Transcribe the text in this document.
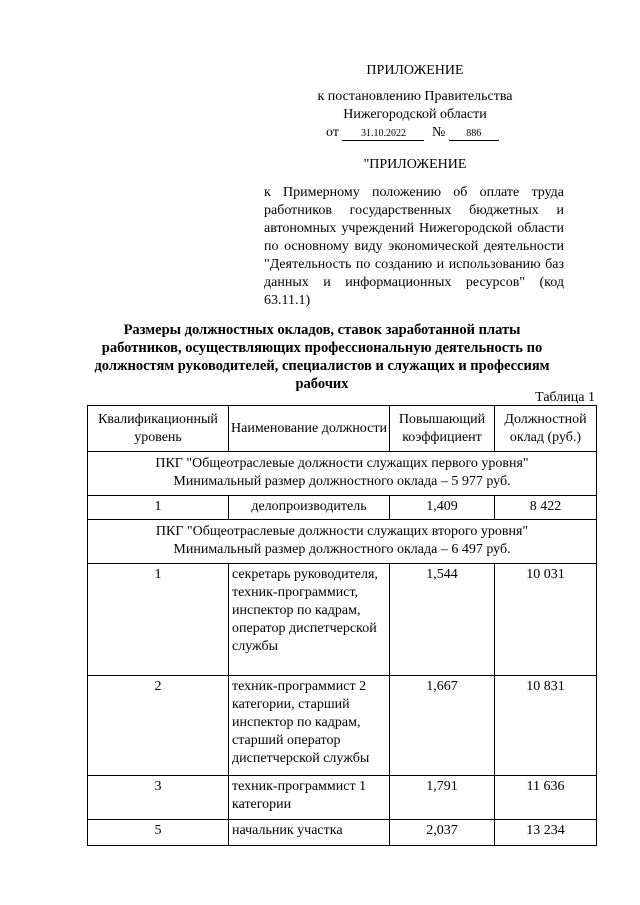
ПРИЛОЖЕНИЕ
к постановлению Правительства
Нижегородской области
от 31.10.2022 № 886
"ПРИЛОЖЕНИЕ
к Примерному положению об оплате труда работников государственных бюджетных и автономных учреждений Нижегородской области по основному виду экономической деятельности "Деятельность по созданию и использованию баз данных и информационных ресурсов" (код 63.11.1)
Размеры должностных окладов, ставок заработанной платы работников, осуществляющих профессиональную деятельность по должностям руководителей, специалистов и служащих и профессиям рабочих
Таблица 1
Квалификационный уровень	Наименование должности	Повышающий коэффициент	Должностной оклад (руб.)

ПКГ "Общеотраслевые должности служащих первого уровня"
Минимальный размер должностного оклада – 5 977 руб.			

1	делопроизводитель	1,409	8 422

ПКГ "Общеотраслевые должности служащих второго уровня"
Минимальный размер должностного оклада – 6 497 руб.			

1	секретарь руководителя, техник-программист, инспектор по кадрам, оператор диспетчерской службы	1,544	10 031
2	техник-программист 2 категории, старший инспектор по кадрам, старший оператор диспетчерской службы	1,667	10 831
3	техник-программист 1 категории	1,791	11 636
5	начальник участка	2,037	13 234
